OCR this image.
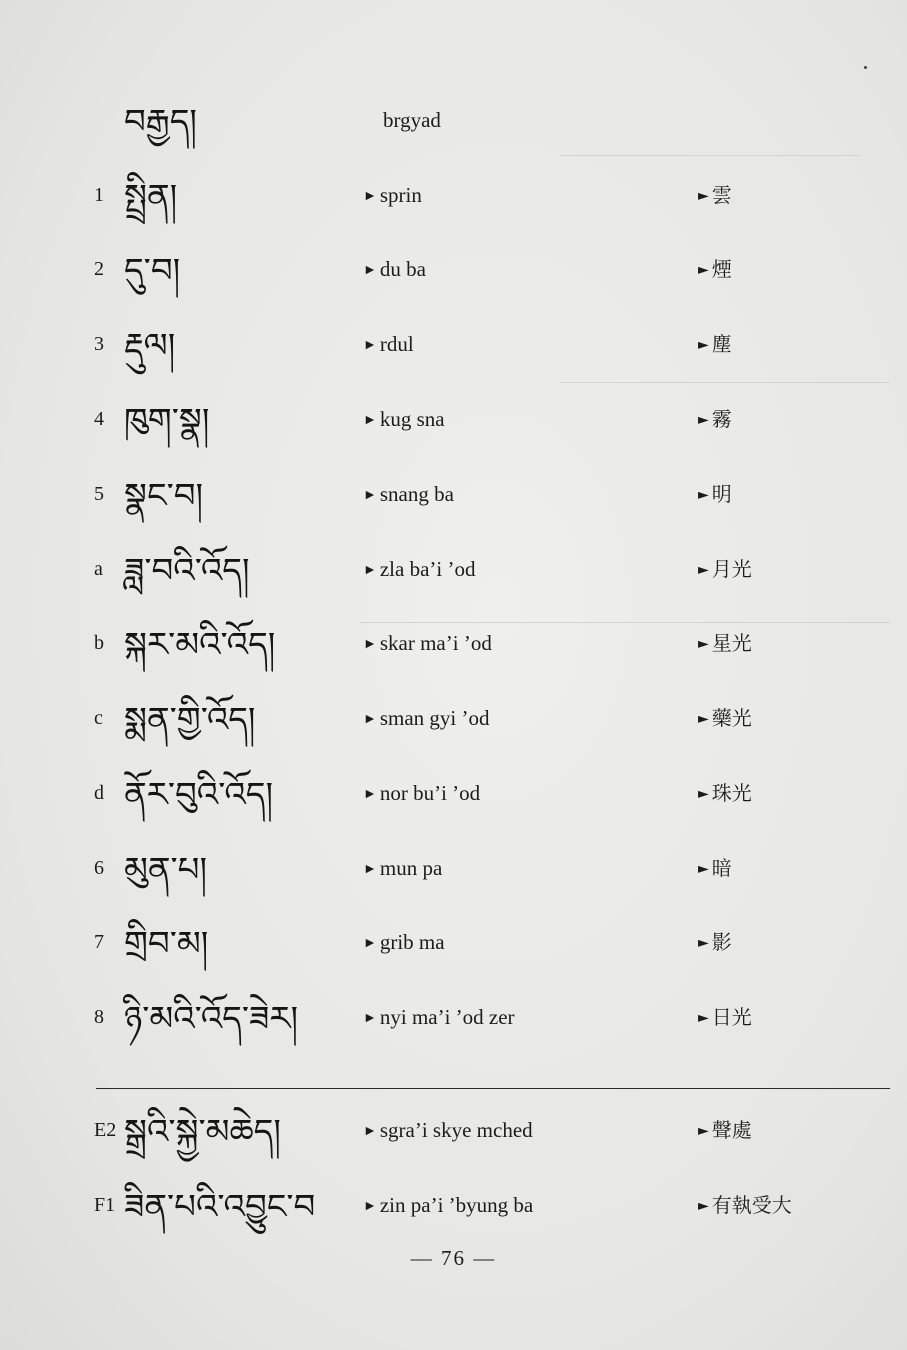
བརྒྱད།	brgyad
1 སྤྲིན།	► sprin	► 雲
2 དུ་བ།	► du ba	► 煙
3 རྡུལ།	► rdul	► 塵
4 ཁུག་སྣ།	► kug sna	► 霧
5 སྣང་བ།	► snang ba	► 明
a ཟླ་བའི་འོད།	► zla ba’i ’od	► 月光
b སྐར་མའི་འོད།	► skar ma’i ’od	► 星光
c སྨན་གྱི་འོད།	► sman gyi ’od	► 藥光
d ནོར་བུའི་འོད།	► nor bu’i ’od	► 珠光
6 མུན་པ།	► mun pa	► 暗
7 གྲིབ་མ།	► grib ma	► 影
8 ཉི་མའི་འོད་ཟེར།	► nyi ma’i ’od zer	► 日光
E2 སྒྲའི་སྐྱེ་མཆེད།	► sgra’i skye mched	► 聲處
F1 ཟིན་པའི་འབྱུང་བ	► zin pa’i ’byung ba	► 有執受大
— 76 —
